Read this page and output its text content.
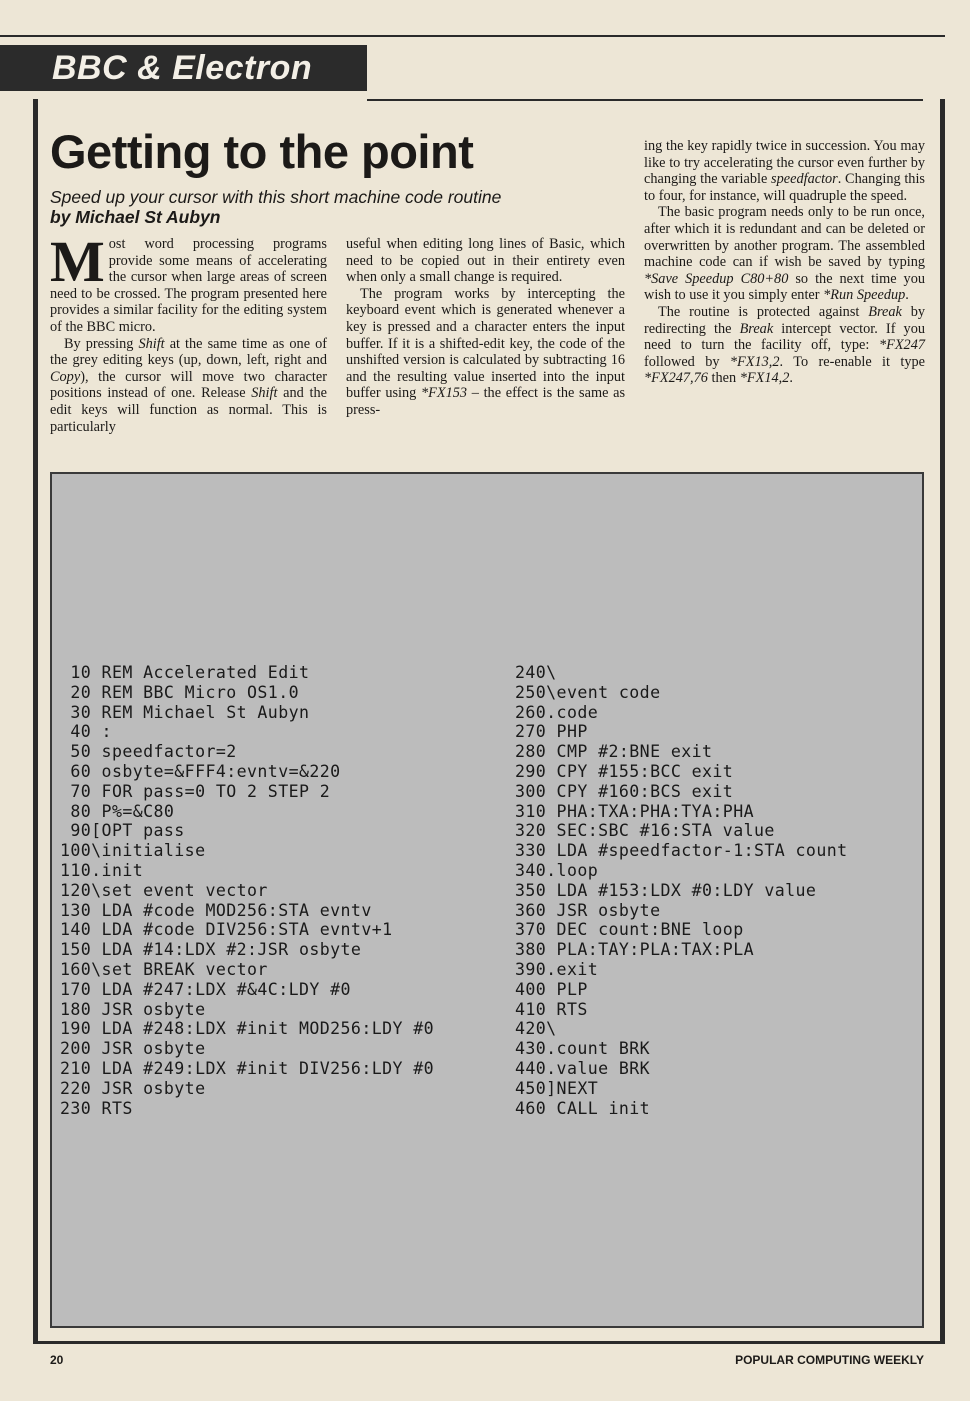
BBC & Electron
Getting to the point
Speed up your cursor with this short machine code routine
by Michael St Aubyn

Most word processing programs provide some means of accelerating the cursor when large areas of screen need to be crossed. The program presented here provides a similar facility for the editing system of the BBC micro.

By pressing Shift at the same time as one of the grey editing keys (up, down, left, right and Copy), the cursor will move two character positions instead of one. Release Shift and the edit keys will function as normal. This is particularly

useful when editing long lines of Basic, which need to be copied out in their entirety even when only a small change is required.

The program works by intercepting the keyboard event which is generated whenever a key is pressed and a character enters the input buffer. If it is a shifted-edit key, the code of the unshifted version is calculated by subtracting 16 and the resulting value inserted into the input buffer using *FX153 – the effect is the same as press-

ing the key rapidly twice in succession. You may like to try accelerating the cursor even further by changing the variable speedfactor. Changing this to four, for instance, will quadruple the speed.

The basic program needs only to be run once, after which it is redundant and can be deleted or overwritten by another program. The assembled machine code can if wish be saved by typing *Save Speedup C80+80 so the next time you wish to use it you simply enter *Run Speedup.

The routine is protected against Break by redirecting the Break intercept vector. If you need to turn the facility off, type: *FX247 followed by *FX13,2. To re-enable it type *FX247,76 then *FX14,2.

10 REM Accelerated Edit
20 REM BBC Micro OS1.0
30 REM Michael St Aubyn
40 :
50 speedfactor=2
60 osbyte=&FFF4:evntv=&220
70 FOR pass=0 TO 2 STEP 2
80 P%=&C80
90[OPT pass
100\initialise
110.init
120\set event vector
130 LDA #code MOD256:STA evntv
140 LDA #code DIV256:STA evntv+1
150 LDA #14:LDX #2:JSR osbyte
160\set BREAK vector
170 LDA #247:LDX #&4C:LDY #0
180 JSR osbyte
190 LDA #248:LDX #init MOD256:LDY #0
200 JSR osbyte
210 LDA #249:LDX #init DIV256:LDY #0
220 JSR osbyte
230 RTS
240\
250\event code
260.code
270 PHP
280 CMP #2:BNE exit
290 CPY #155:BCC exit
300 CPY #160:BCS exit
310 PHA:TXA:PHA:TYA:PHA
320 SEC:SBC #16:STA value
330 LDA #speedfactor-1:STA count
340.loop
350 LDA #153:LDX #0:LDY value
360 JSR osbyte
370 DEC count:BNE loop
380 PLA:TAY:PLA:TAX:PLA
390.exit
400 PLP
410 RTS
420\
430.count BRK
440.value BRK
450]NEXT
460 CALL init
20	POPULAR COMPUTING WEEKLY
